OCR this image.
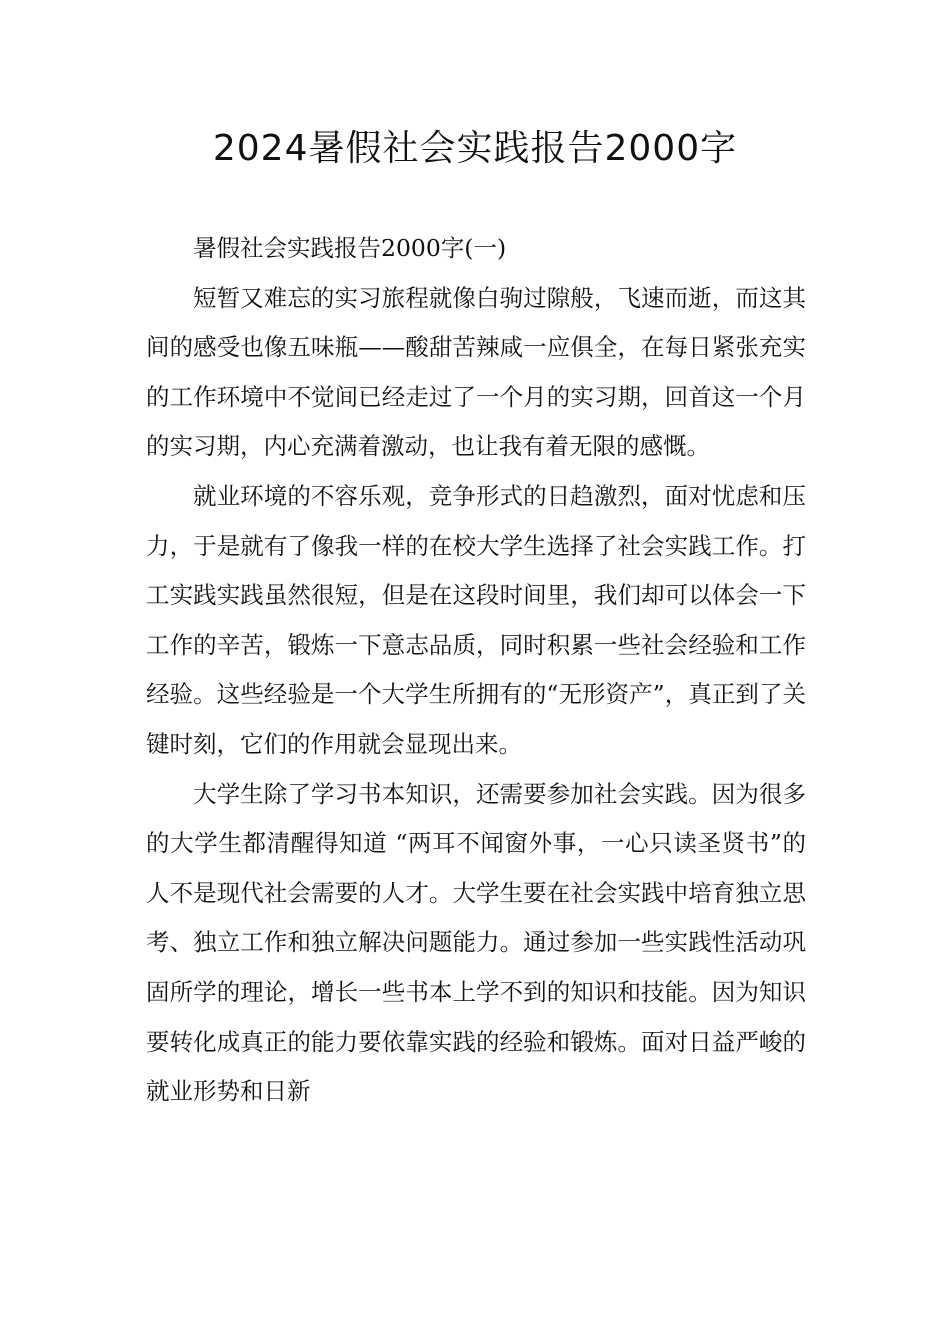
2024暑假社会实践报告2000字

暑假社会实践报告2000字(一)

短暂又难忘的实习旅程就像白驹过隙般，飞速而逝，而这其间的感受也像五味瓶——酸甜苦辣咸一应俱全，在每日紧张充实的工作环境中不觉间已经走过了一个月的实习期，回首这一个月的实习期，内心充满着激动，也让我有着无限的感慨。

就业环境的不容乐观，竞争形式的日趋激烈，面对忧虑和压力，于是就有了像我一样的在校大学生选择了社会实践工作。打工实践实践虽然很短，但是在这段时间里，我们却可以体会一下工作的辛苦，锻炼一下意志品质，同时积累一些社会经验和工作经验。这些经验是一个大学生所拥有的“无形资产”，真正到了关键时刻，它们的作用就会显现出来。

大学生除了学习书本知识，还需要参加社会实践。因为很多的大学生都清醒得知道 “两耳不闻窗外事，一心只读圣贤书”的人不是现代社会需要的人才。大学生要在社会实践中培育独立思考、独立工作和独立解决问题能力。通过参加一些实践性活动巩固所学的理论，增长一些书本上学不到的知识和技能。因为知识要转化成真正的能力要依靠实践的经验和锻炼。面对日益严峻的就业形势和日新
